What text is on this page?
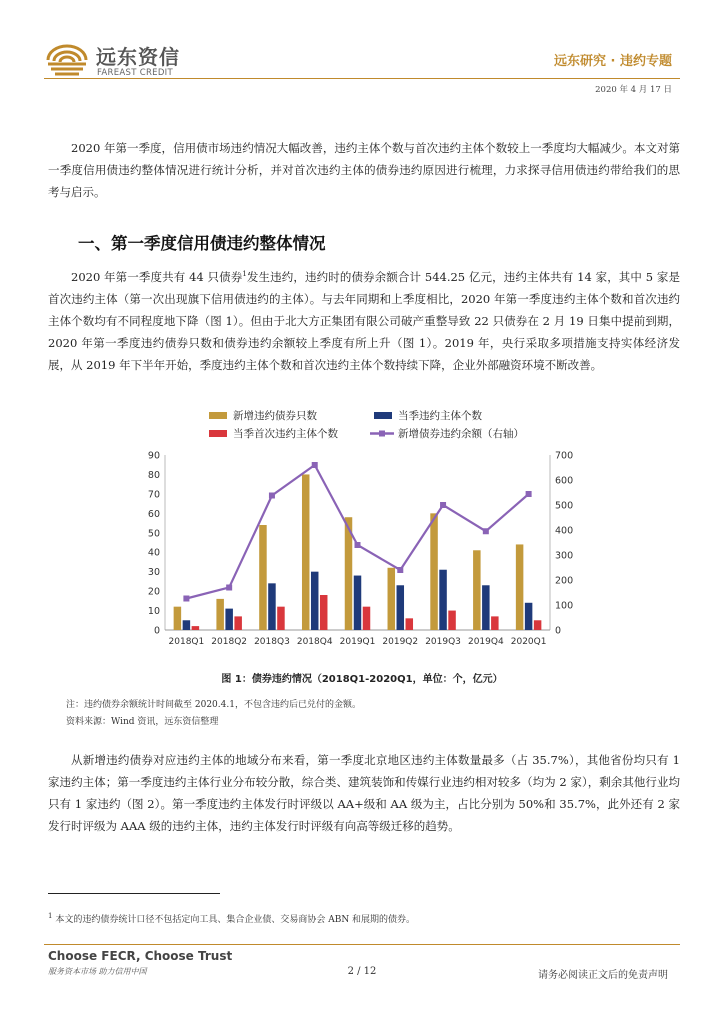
远东资信
FAREAST CREDIT
远东研究 · 违约专题
2020 年 4 月 17 日

2020 年第一季度，信用债市场违约情况大幅改善，违约主体个数与首次违约主体个数较上一季度均大幅减少。本文对第一季度信用债违约整体情况进行统计分析，并对首次违约主体的债券违约原因进行梳理，力求探寻信用债违约带给我们的思考与启示。

一、第一季度信用债违约整体情况

2020 年第一季度共有 44 只债券$^1$发生违约，违约时的债券余额合计 544.25 亿元，违约主体共有 14 家，其中 5 家是首次违约主体（第一次出现旗下信用债违约的主体）。与去年同期和上季度相比，2020 年第一季度违约主体个数和首次违约主体个数均有不同程度地下降（图 1）。但由于北大方正集团有限公司破产重整导致 22 只债券在 2 月 19 日集中提前到期，2020 年第一季度违约债券只数和债券违约余额较上季度有所上升（图 1）。2019 年，央行采取多项措施支持实体经济发展，从 2019 年下半年开始，季度违约主体个数和首次违约主体个数持续下降，企业外部融资环境不断改善。

0
10
20
30
40
50
60
70
80
90
0
100
200
300
400
500
600
700
2018Q1 2018Q2 2018Q3 2018Q4 2019Q1 2019Q2 2019Q3 2019Q4 2020Q1
新增违约债券只数	当季违约主体个数
当季首次违约主体个数	新增债券违约余额（右轴）
图 1：债券违约情况（2018Q1-2020Q1，单位：个，亿元）
注：违约债券余额统计时间截至 2020.4.1，不包含违约后已兑付的金额。
资料来源：Wind 资讯，远东资信整理

从新增违约债券对应违约主体的地域分布来看，第一季度北京地区违约主体数量最多（占 35.7%），其他省份均只有 1 家违约主体；第一季度违约主体行业分布较分散，综合类、建筑装饰和传媒行业违约相对较多（均为 2 家），剩余其他行业均只有 1 家违约（图 2）。第一季度违约主体发行时评级以 AA+级和 AA 级为主，占比分别为 50%和 35.7%，此外还有 2 家发行时评级为 AAA 级的违约主体，违约主体发行时评级有向高等级迁移的趋势。

$^1$ 本文的违约债券统计口径不包括定向工具、集合企业债、交易商协会 ABN 和展期的债券。
Choose FECR, Choose Trust
服务资本市场 助力信用中国	2 / 12	请务必阅读正文后的免责声明
